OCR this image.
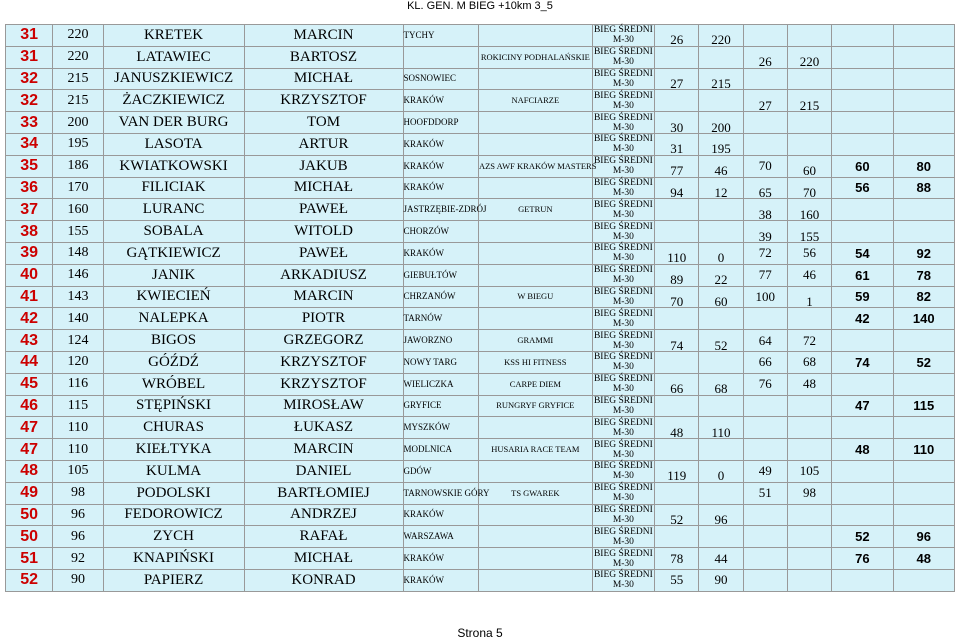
KL. GEN. M BIEG +10km 3_5
31	220	KRETEK	MARCIN	TYCHY		BIEG ŚREDNI
M-30	26	220				
31	220	LATAWIEC	BARTOSZ		ROKICINY PODHALAŃSKIE	BIEG ŚREDNI
M-30			26	220		
32	215	JANUSZKIEWICZ	MICHAŁ	SOSNOWIEC		BIEG ŚREDNI
M-30	27	215				
32	215	ŻACZKIEWICZ	KRZYSZTOF	KRAKÓW	NAFCIARZE	BIEG ŚREDNI
M-30			27	215		
33	200	VAN DER BURG	TOM	HOOFDDORP		BIEG ŚREDNI
M-30	30	200				
34	195	LASOTA	ARTUR	KRAKÓW		BIEG ŚREDNI
M-30	31	195				
35	186	KWIATKOWSKI	JAKUB	KRAKÓW	AZS AWF KRAKÓW MASTERS	BIEG ŚREDNI
M-30	77	46	70	60	60	80
36	170	FILICIAK	MICHAŁ	KRAKÓW		BIEG ŚREDNI
M-30	94	12	65	70	56	88
37	160	LURANC	PAWEŁ	JASTRZĘBIE-ZDRÓJ	GETRUN	BIEG ŚREDNI
M-30			38	160		
38	155	SOBALA	WITOLD	CHORZÓW		BIEG ŚREDNI
M-30			39	155		
39	148	GĄTKIEWICZ	PAWEŁ	KRAKÓW		BIEG ŚREDNI
M-30	110	0	72	56	54	92
40	146	JANIK	ARKADIUSZ	GIEBUŁTÓW		BIEG ŚREDNI
M-30	89	22	77	46	61	78
41	143	KWIECIEŃ	MARCIN	CHRZANÓW	W BIEGU	BIEG ŚREDNI
M-30	70	60	100	1	59	82
42	140	NALEPKA	PIOTR	TARNÓW		BIEG ŚREDNI
M-30					42	140
43	124	BIGOS	GRZEGORZ	JAWORZNO	GRAMMI	BIEG ŚREDNI
M-30	74	52	64	72		
44	120	GÓŹDŹ	KRZYSZTOF	NOWY TARG	KSS HI FITNESS	BIEG ŚREDNI
M-30			66	68	74	52
45	116	WRÓBEL	KRZYSZTOF	WIELICZKA	CARPE DIEM	BIEG ŚREDNI
M-30	66	68	76	48		
46	115	STĘPIŃSKI	MIROSŁAW	GRYFICE	RUNGRYF GRYFICE	BIEG ŚREDNI
M-30					47	115
47	110	CHURAS	ŁUKASZ	MYSZKÓW		BIEG ŚREDNI
M-30	48	110				
47	110	KIEŁTYKA	MARCIN	MODLNICA	HUSARIA RACE TEAM	BIEG ŚREDNI
M-30					48	110
48	105	KULMA	DANIEL	GDÓW		BIEG ŚREDNI
M-30	119	0	49	105		
49	98	PODOLSKI	BARTŁOMIEJ	TARNOWSKIE GÓRY	TS GWAREK	BIEG ŚREDNI
M-30			51	98		
50	96	FEDOROWICZ	ANDRZEJ	KRAKÓW		BIEG ŚREDNI
M-30	52	96				
50	96	ZYCH	RAFAŁ	WARSZAWA		BIEG ŚREDNI
M-30					52	96
51	92	KNAPIŃSKI	MICHAŁ	KRAKÓW		BIEG ŚREDNI
M-30	78	44			76	48
52	90	PAPIERZ	KONRAD	KRAKÓW		BIEG ŚREDNI
M-30	55	90				
Strona 5
